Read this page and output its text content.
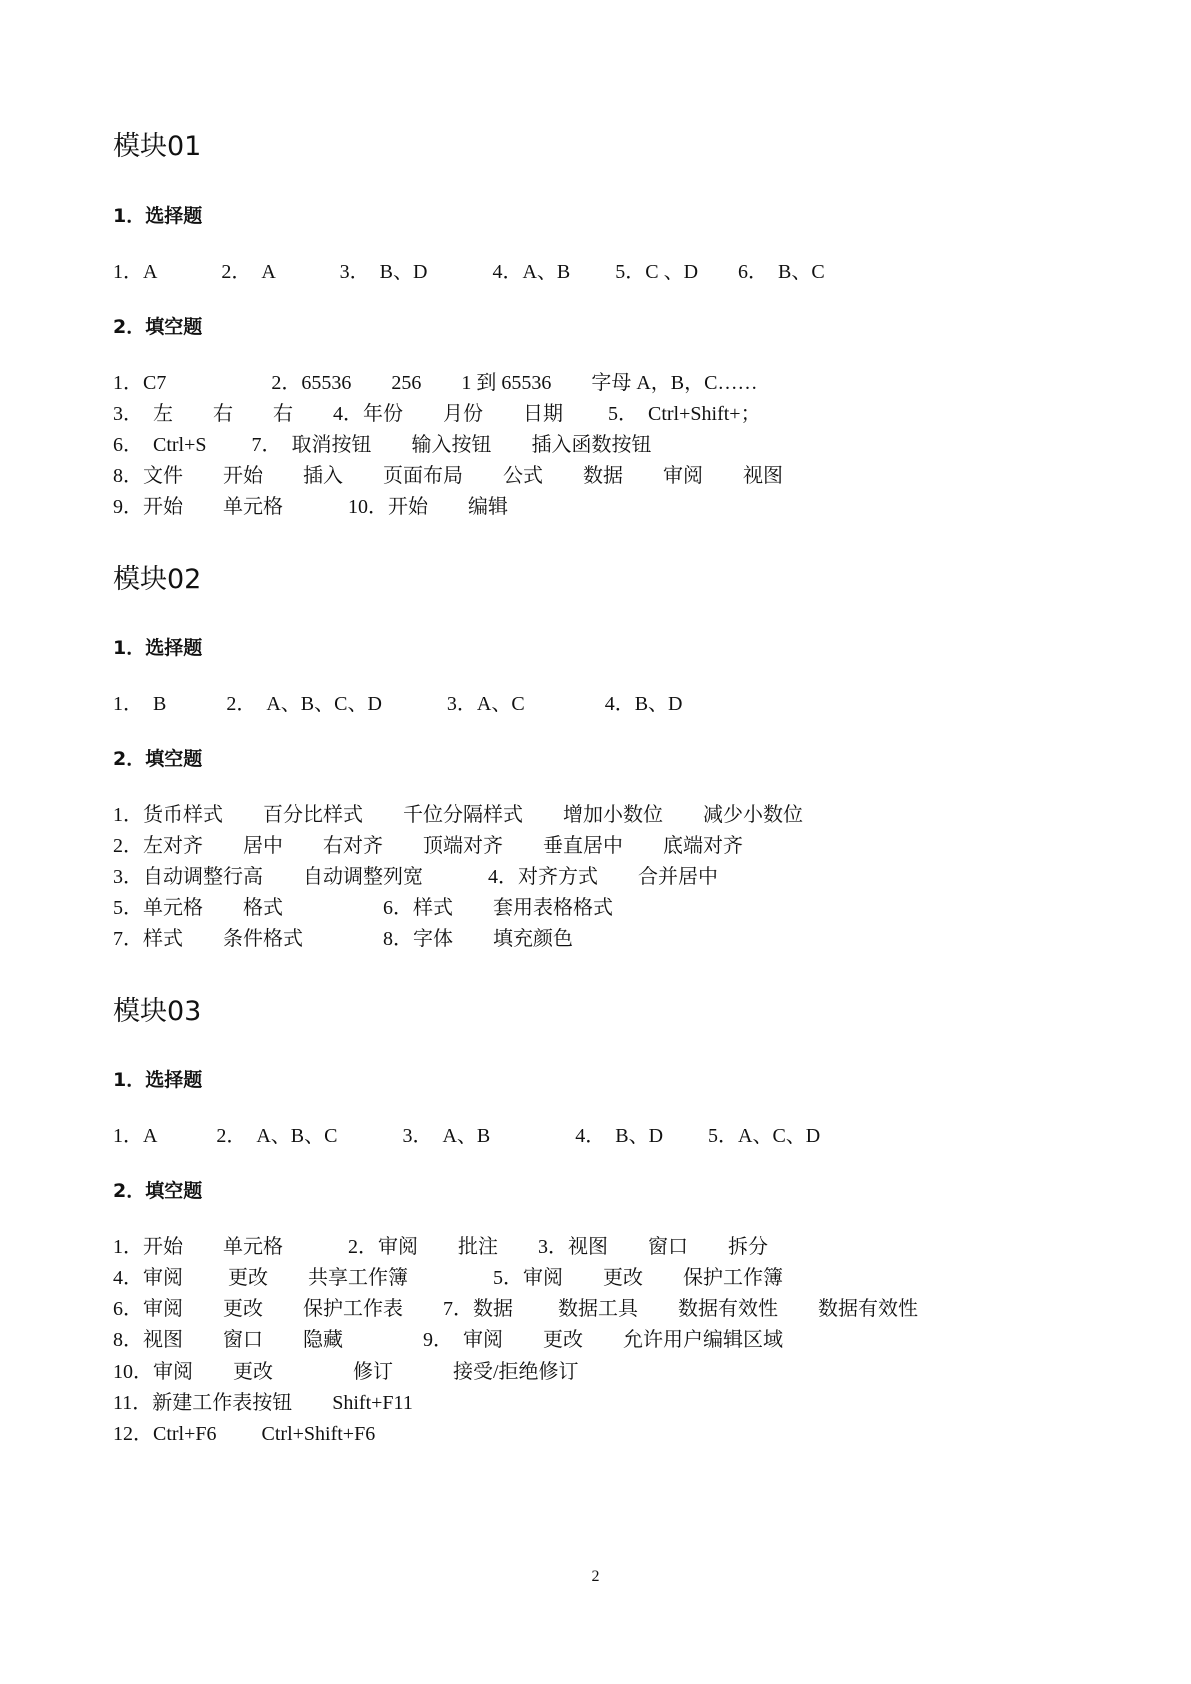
模块01
1．选择题

1．A 　　　2．　A　　　 3．　B、D　　　 4．A、B　　 5．C 、D　　6．　B、C

2．填空题

1．C7 　　　　　2．65536　　256　　1 到 65536　　字母 A，B，C……

3．　左　　右　　右　　4．年份　　月份　　日期　　 5．　Ctrl+Shift+；

6．　Ctrl+S　　 7．　取消按钮　　输入按钮　　插入函数按钮

8．文件　　开始　　插入　　页面布局　　公式　　数据　　审阅　　视图

9．开始　　单元格　　　 10．开始　　编辑

模块02
1．选择题

1．　B　　　2．　A、B、C、D　　　 3．A、C　　　　4．B、D

2．填空题

1．货币样式　　百分比样式　　千位分隔样式　　增加小数位　　减少小数位

2．左对齐　　居中　　右对齐　　顶端对齐　　垂直居中　　底端对齐

3．自动调整行高　　自动调整列宽　　　 4．对齐方式　　合并居中

5．单元格　　格式　　　　　6．样式　　套用表格格式

7．样式　　条件格式　　　　8．字体　　填充颜色

模块03
1．选择题

1．A　　　2．　A、B、C　　　 3．　A、B　　　　 4．　B、D　　 5．A、C、D

2．填空题

1．开始　　单元格　　　 2．审阅　　批注　　3．视图　　窗口　　拆分

4．审阅　　 更改　　共享工作簿　　　　 5．审阅　　更改　　保护工作簿

6．审阅　　更改　　保护工作表　　7．数据　　 数据工具　　数据有效性　　数据有效性

8．视图　　窗口　　隐藏　　　　9．　审阅　　更改　　允许用户编辑区域

10．审阅　　更改　　　　修订　　　接受/拒绝修订

11．新建工作表按钮　　Shift+F11

12．Ctrl+F6　　 Ctrl+Shift+F6

2
